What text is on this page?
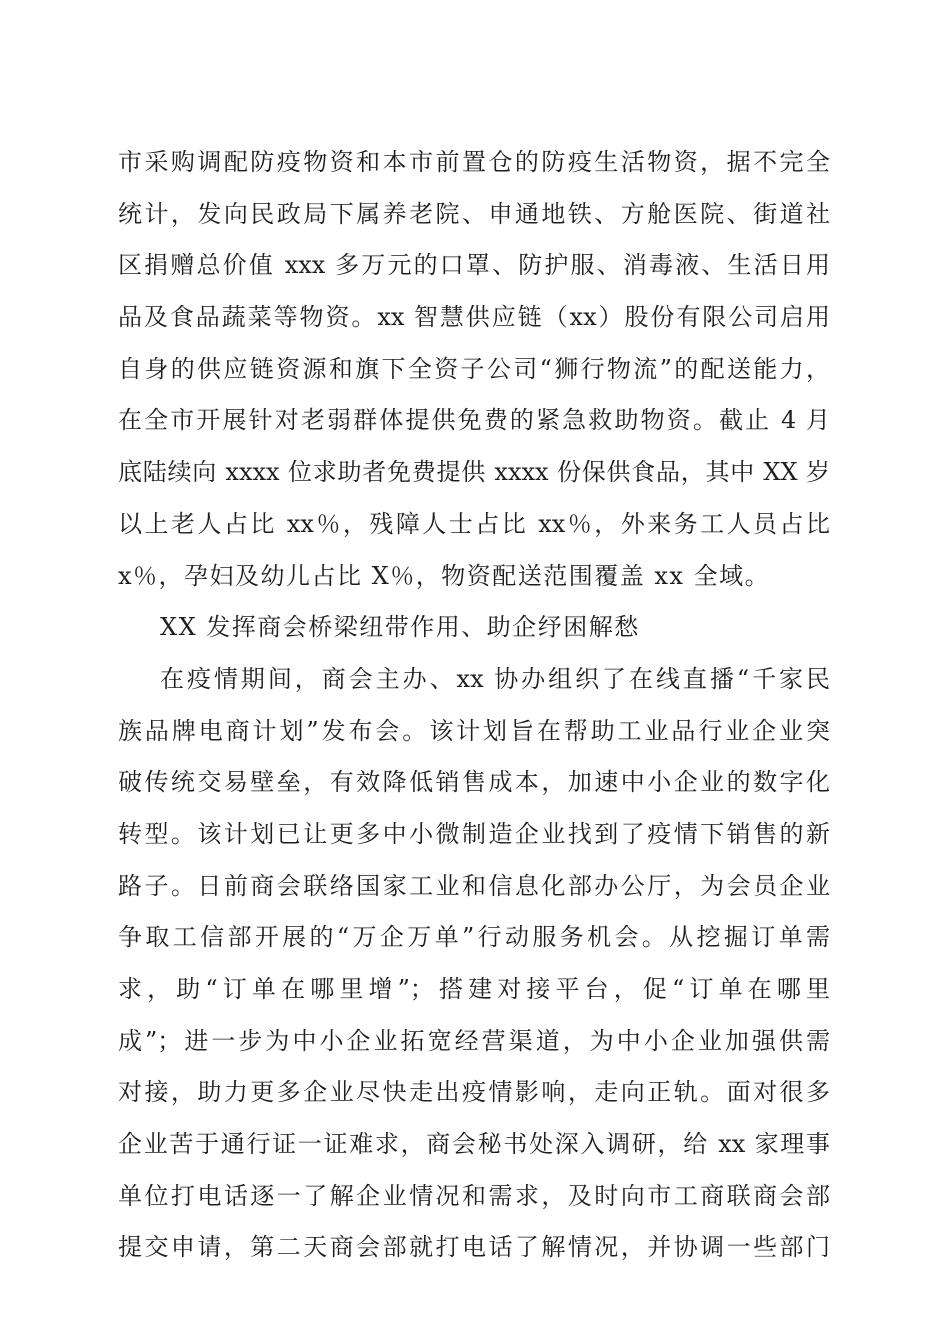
市采购调配防疫物资和本市前置仓的防疫生活物资，据不完全
统计，发向民政局下属养老院、申通地铁、方舱医院、街道社
区捐赠总价值 xxx 多万元的口罩、防护服、消毒液、生活日用
品及食品蔬菜等物资。xx 智慧供应链（xx）股份有限公司启用
自身的供应链资源和旗下全资子公司“狮行物流”的配送能力，
在全市开展针对老弱群体提供免费的紧急救助物资。截止 4 月
底陆续向 xxxx 位求助者免费提供 xxxx 份保供食品，其中 XX 岁
以上老人占比 xx％，残障人士占比 xx％，外来务工人员占比
x％，孕妇及幼儿占比 X％，物资配送范围覆盖 xx 全域。
XX 发挥商会桥梁纽带作用、助企纾困解愁
在疫情期间，商会主办、xx 协办组织了在线直播“千家民
族品牌电商计划”发布会。该计划旨在帮助工业品行业企业突
破传统交易壁垒，有效降低销售成本，加速中小企业的数字化
转型。该计划已让更多中小微制造企业找到了疫情下销售的新
路子。日前商会联络国家工业和信息化部办公厅，为会员企业
争取工信部开展的“万企万单”行动服务机会。从挖掘订单需
求，助“订单在哪里增”；搭建对接平台，促“订单在哪里
成”；进一步为中小企业拓宽经营渠道，为中小企业加强供需
对接，助力更多企业尽快走出疫情影响，走向正轨。面对很多
企业苦于通行证一证难求，商会秘书处深入调研，给 xx 家理事
单位打电话逐一了解企业情况和需求，及时向市工商联商会部
提交申请，第二天商会部就打电话了解情况，并协调一些部门
